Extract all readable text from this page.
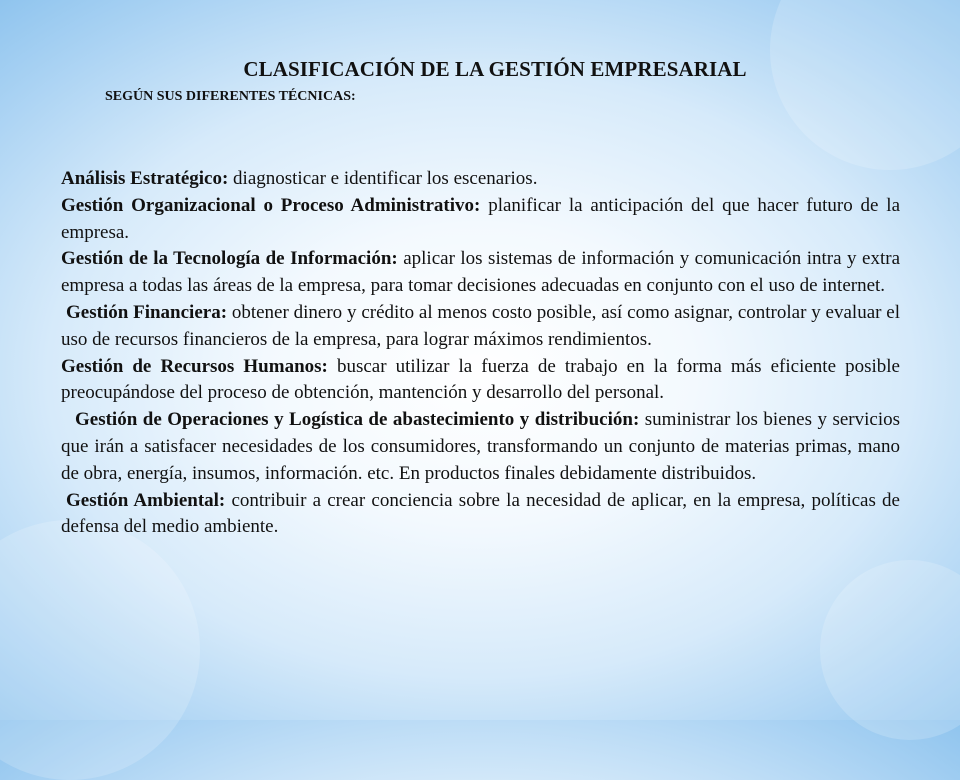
CLASIFICACIÓN DE LA GESTIÓN EMPRESARIAL
SEGÚN SUS DIFERENTES TÉCNICAS:

Análisis Estratégico: diagnosticar e identificar los escenarios.

Gestión Organizacional o Proceso Administrativo: planificar la anticipación del que hacer futuro de la empresa.

Gestión de la Tecnología de Información: aplicar los sistemas de información y comunicación intra y extra empresa a todas las áreas de la empresa, para tomar decisiones adecuadas en conjunto con el uso de internet.

Gestión Financiera: obtener dinero y crédito al menos costo posible, así como asignar, controlar y evaluar el uso de recursos financieros de la empresa, para lograr máximos rendimientos.

Gestión de Recursos Humanos: buscar utilizar la fuerza de trabajo en la forma más eficiente posible preocupándose del proceso de obtención, mantención y desarrollo del personal.

Gestión de Operaciones y Logística de abastecimiento y distribución: suministrar los bienes y servicios que irán a satisfacer necesidades de los consumidores, transformando un conjunto de materias primas, mano de obra, energía, insumos, información. etc. En productos finales debidamente distribuidos.

Gestión Ambiental: contribuir a crear conciencia sobre la necesidad de aplicar, en la empresa, políticas de defensa del medio ambiente.
